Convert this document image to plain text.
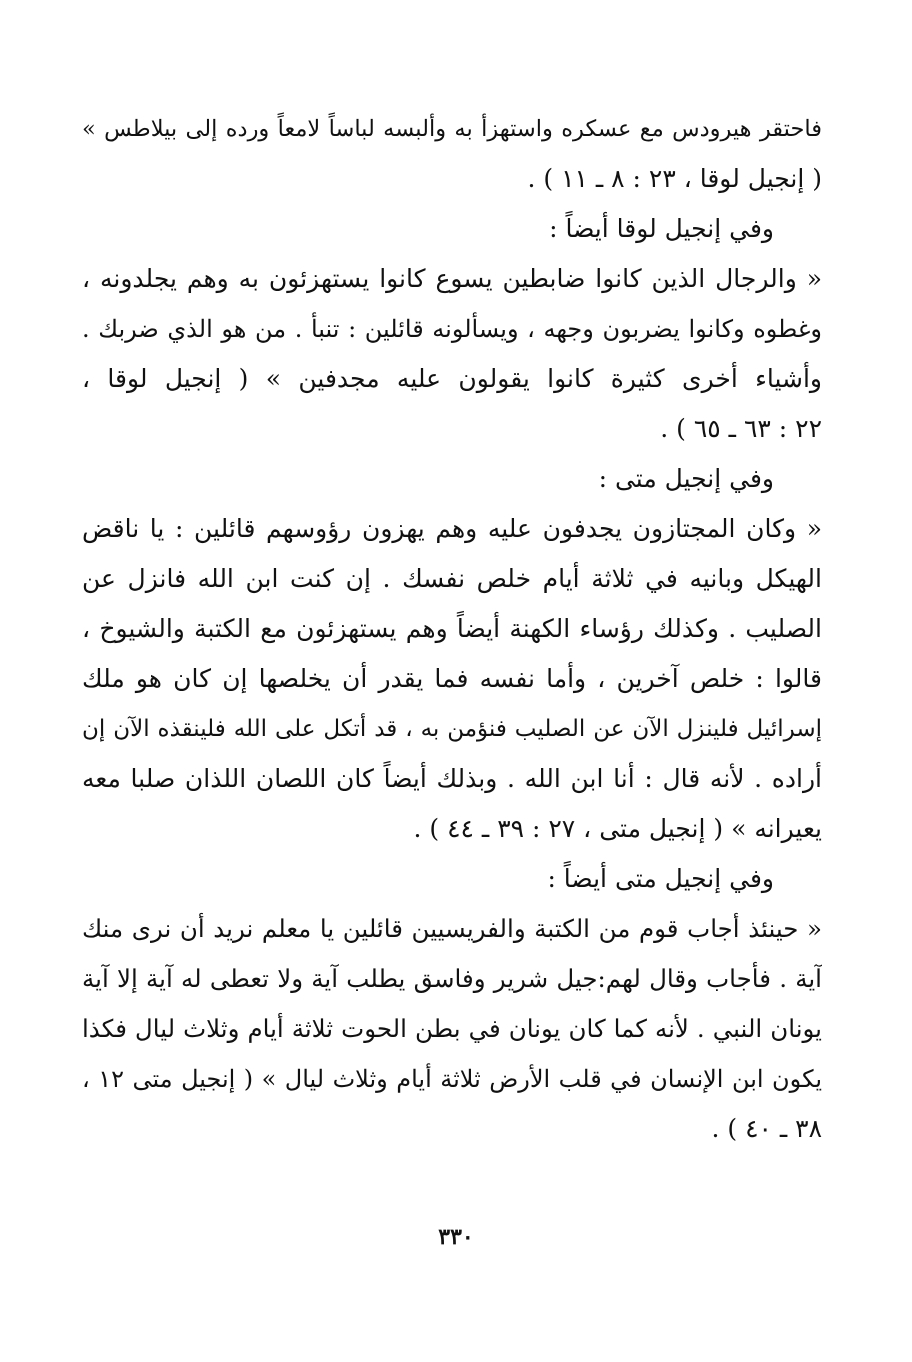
فاحتقر هيرودس مع عسكره واستهزأ به وألبسه لباساً لامعاً ورده إلى بيلاطس »
( إنجيل لوقا ، ٢٣ : ٨ ـ ١١ ) .
وفي إنجيل لوقا أيضاً :
« والرجال الذين كانوا ضابطين يسوع كانوا يستهزئون به وهم يجلدونه ،
وغطوه وكانوا يضربون وجهه ، ويسألونه قائلين : تنبأ . من هو الذي ضربك .
وأشياء أخرى كثيرة كانوا يقولون عليه مجدفين » ( إنجيل لوقا ،
٢٢ : ٦٣ ـ ٦٥ ) .
وفي إنجيل متى :
« وكان المجتازون يجدفون عليه وهم يهزون رؤوسهم قائلين : يا ناقض
الهيكل وبانيه في ثلاثة أيام خلص نفسك . إن كنت ابن الله فانزل عن
الصليب . وكذلك رؤساء الكهنة أيضاً وهم يستهزئون مع الكتبة والشيوخ ،
قالوا : خلص آخرين ، وأما نفسه فما يقدر أن يخلصها إن كان هو ملك
إسرائيل فلينزل الآن عن الصليب فنؤمن به ، قد أتكل على الله فلينقذه الآن إن
أراده . لأنه قال : أنا ابن الله . وبذلك أيضاً كان اللصان اللذان صلبا معه
يعيرانه » ( إنجيل متى ، ٢٧ : ٣٩ ـ ٤٤ ) .
وفي إنجيل متى أيضاً :
« حينئذ أجاب قوم من الكتبة والفريسيين قائلين يا معلم نريد أن نرى منك
آية . فأجاب وقال لهم:جيل شرير وفاسق يطلب آية ولا تعطى له آية إلا آية
يونان النبي . لأنه كما كان يونان في بطن الحوت ثلاثة أيام وثلاث ليال فكذا
يكون ابن الإنسان في قلب الأرض ثلاثة أيام وثلاث ليال » ( إنجيل متى ١٢ ،
٣٨ ـ ٤٠ ) .
٣٣٠
